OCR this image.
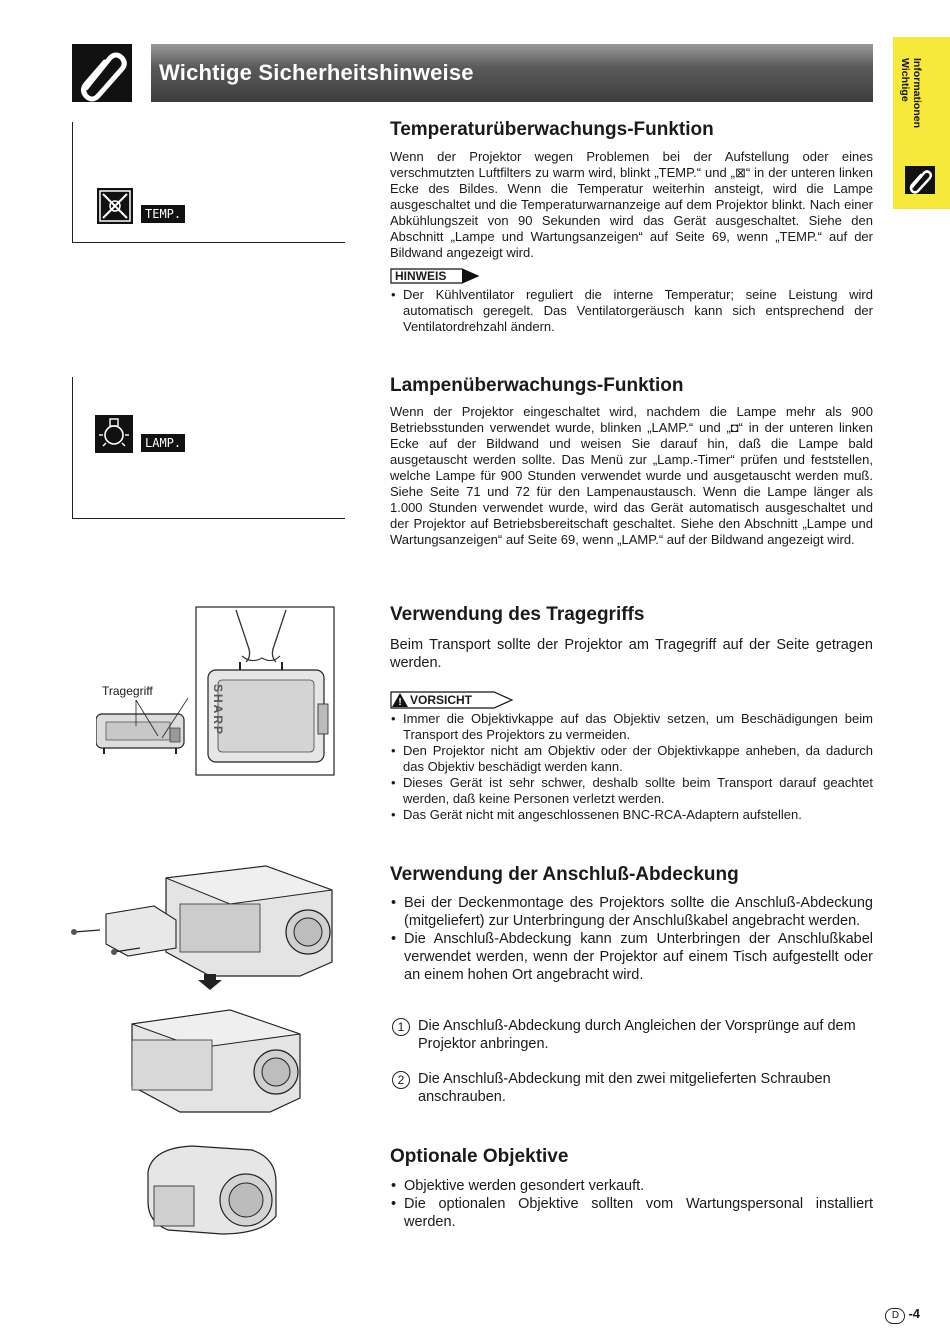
Wichtige Sicherheitshinweise	Wichtige Informationen
TEMP.
Temperaturüberwachungs-Funktion

Wenn der Projektor wegen Problemen bei der Aufstellung oder eines verschmutzten Luftfilters zu warm wird, blinkt „TEMP.“ und „⊠“ in der unteren linken Ecke des Bildes. Wenn die Temperatur weiterhin ansteigt, wird die Lampe ausgeschaltet und die Temperaturwarnanzeige auf dem Projektor blinkt. Nach einer Abkühlungszeit von 90 Sekunden wird das Gerät ausgeschaltet. Siehe den Abschnitt „Lampe und Wartungsanzeigen“ auf Seite 69, wenn „TEMP.“ auf der Bildwand angezeigt wird.

HINWEIS
• Der Kühlventilator reguliert die interne Temperatur; seine Leistung wird automatisch geregelt. Das Ventilatorgeräusch kann sich entsprechend der Ventilatordrehzahl ändern.
LAMP.
Lampenüberwachungs-Funktion

Wenn der Projektor eingeschaltet wird, nachdem die Lampe mehr als 900 Betriebsstunden verwendet wurde, blinken „LAMP.“ und „◘“ in der unteren linken Ecke auf der Bildwand und weisen Sie darauf hin, daß die Lampe bald ausgetauscht werden sollte. Das Menü zur „Lamp.-Timer“ prüfen und feststellen, welche Lampe für 900 Stunden verwendet wurde und ausgetauscht werden muß. Siehe Seite 71 und 72 für den Lampenaustausch. Wenn die Lampe länger als 1.000 Stunden verwendet wurde, wird das Gerät automatisch ausgeschaltet und der Projektor auf Betriebsbereitschaft geschaltet. Siehe den Abschnitt „Lampe und Wartungsanzeigen“ auf Seite 69, wenn „LAMP.“ auf der Bildwand angezeigt wird.

Tragegriff	SHARP
Verwendung des Tragegriffs

Beim Transport sollte der Projektor am Tragegriff auf der Seite getragen werden.

! VORSICHT
• Immer die Objektivkappe auf das Objektiv setzen, um Beschädigungen beim Transport des Projektors zu vermeiden.
• Den Projektor nicht am Objektiv oder der Objektivkappe anheben, da dadurch das Objektiv beschädigt werden kann.
• Dieses Gerät ist sehr schwer, deshalb sollte beim Transport darauf geachtet werden, daß keine Personen verletzt werden.
• Das Gerät nicht mit angeschlossenen BNC-RCA-Adaptern aufstellen.
Verwendung der Anschluß-Abdeckung
• Bei der Deckenmontage des Projektors sollte die Anschluß-Abdeckung (mitgeliefert) zur Unterbringung der Anschlußkabel angebracht werden.
• Die Anschluß-Abdeckung kann zum Unterbringen der Anschlußkabel verwendet werden, wenn der Projektor auf einem Tisch aufgestellt oder an einem hohen Ort angebracht wird.
1 Die Anschluß-Abdeckung durch Angleichen der Vorsprünge auf dem Projektor anbringen.
2 Die Anschluß-Abdeckung mit den zwei mitgelieferten Schrauben anschrauben.
Optionale Objektive
• Objektive werden gesondert verkauft.
• Die optionalen Objektive sollten vom Wartungspersonal installiert werden.
D -4
